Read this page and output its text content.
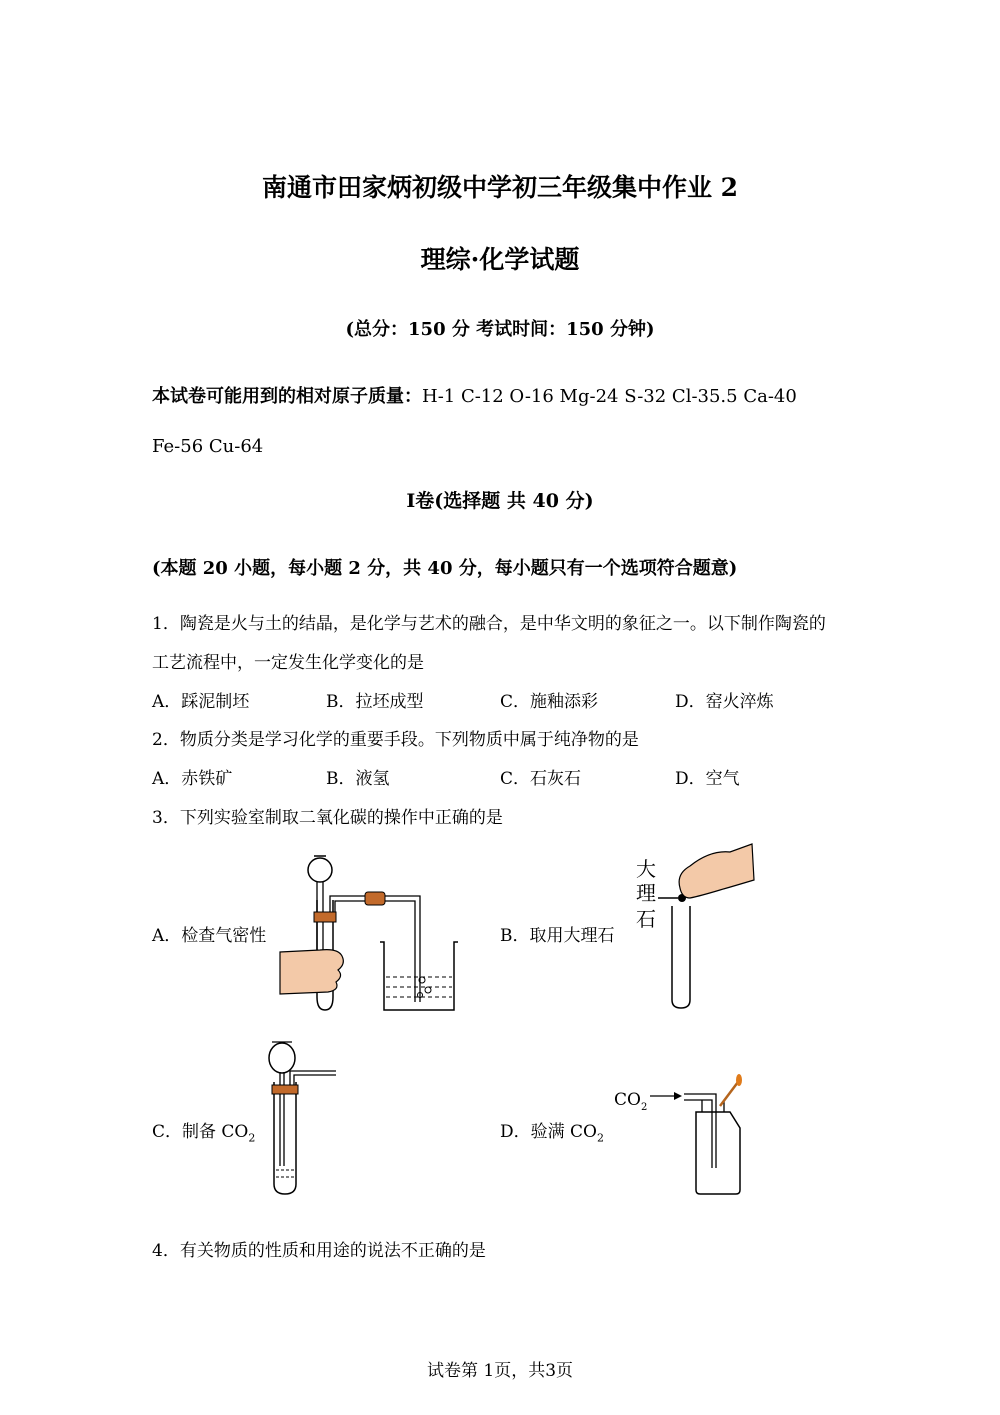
南通市田家炳初级中学初三年级集中作业 2
理综·化学试题
(总分：150 分 考试时间：150 分钟)
本试卷可能用到的相对原子质量：H-1 C-12 O-16 Mg-24 S-32 Cl-35.5 Ca-40
Fe-56 Cu-64
Ⅰ卷(选择题 共 40 分)
(本题 20 小题，每小题 2 分，共 40 分，每小题只有一个选项符合题意)
1．陶瓷是火与土的结晶，是化学与艺术的融合，是中华文明的象征之一。以下制作陶瓷的
工艺流程中，一定发生化学变化的是
A．踩泥制坯	B．拉坯成型	C．施釉添彩	D．窑火淬炼
2．物质分类是学习化学的重要手段。下列物质中属于纯净物的是
A．赤铁矿	B．液氢	C．石灰石	D．空气
3．下列实验室制取二氧化碳的操作中正确的是
A．检查气密性	B．取用大理石
C．制备 $CO_2$	D．验满 $CO_2$
大
理
石
$CO_2$
4．有关物质的性质和用途的说法不正确的是
试卷第 1页，共3页
